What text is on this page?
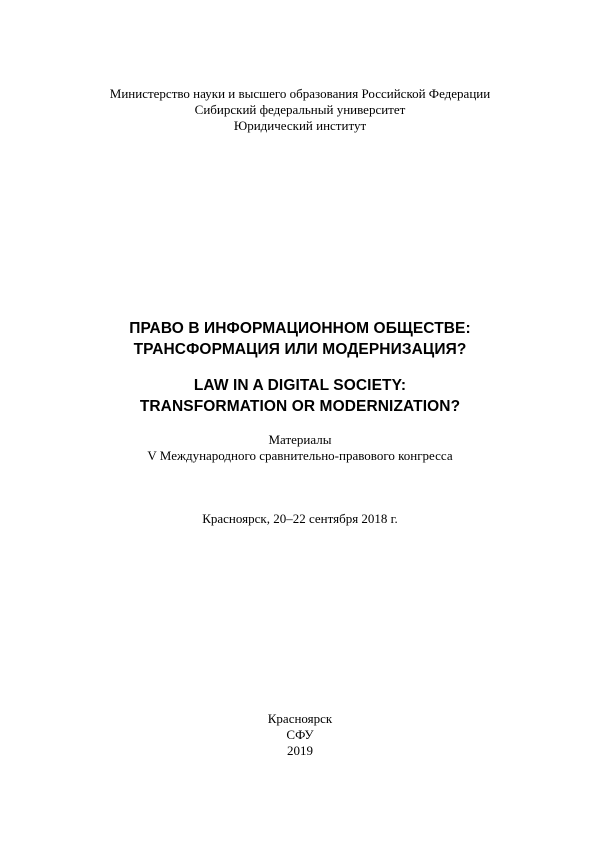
Министерство науки и высшего образования Российской Федерации
Сибирский федеральный университет
Юридический институт
ПРАВО В ИНФОРМАЦИОННОМ ОБЩЕСТВЕ:
ТРАНСФОРМАЦИЯ ИЛИ МОДЕРНИЗАЦИЯ?
LAW IN A DIGITAL SOCIETY:
TRANSFORMATION OR MODERNIZATION?
Материалы
V Международного сравнительно-правового конгресса
Красноярск, 20–22 сентября 2018 г.
Красноярск
СФУ
2019
